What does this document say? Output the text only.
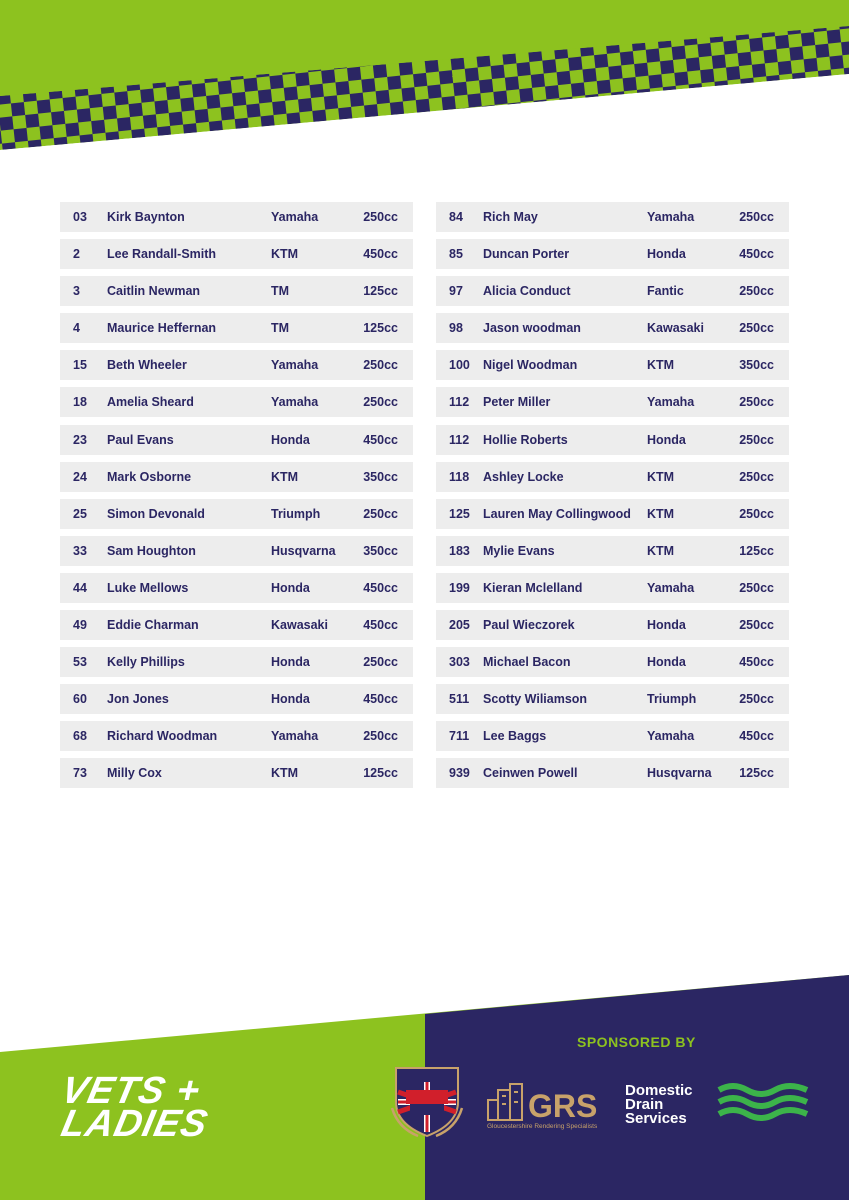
03 Kirk Baynton	Yamaha	250cc
2 Lee Randall-Smith	KTM	450cc
3 Caitlin Newman	TM	125cc
4 Maurice Heffernan	TM	125cc
15 Beth Wheeler	Yamaha	250cc
18 Amelia Sheard	Yamaha	250cc
23 Paul Evans	Honda	450cc
24 Mark Osborne	KTM	350cc
25 Simon Devonald	Triumph	250cc
33 Sam Houghton	Husqvarna 350cc
44 Luke Mellows	Honda	450cc
49 Eddie Charman	Kawasaki	450cc
53 Kelly Phillips	Honda	250cc
60 Jon Jones	Honda	450cc
68 Richard Woodman	Yamaha	250cc
73 Milly Cox	KTM	125cc
84 Rich May	Yamaha	250cc
85 Duncan Porter	Honda	450cc
97 Alicia Conduct	Fantic	250cc
98 Jason woodman	Kawasaki	250cc
100 Nigel Woodman	KTM	350cc
112 Peter Miller	Yamaha	250cc
112 Hollie Roberts	Honda	250cc
118 Ashley Locke	KTM	250cc
125 Lauren May Collingwood KTM	250cc
183 Mylie Evans	KTM	125cc
199 Kieran Mclelland	Yamaha	250cc
205 Paul Wieczorek	Honda	250cc
303 Michael Bacon	Honda	450cc
511 Scotty Wiliamson	Triumph	250cc
711 Lee Baggs	Yamaha	450cc
939 Ceinwen Powell	Husqvarna 125cc
VETS +
LADIES
SPONSORED BY
GRS
Gloucestershire Rendering Specialists
Domestic
Drain
Services
